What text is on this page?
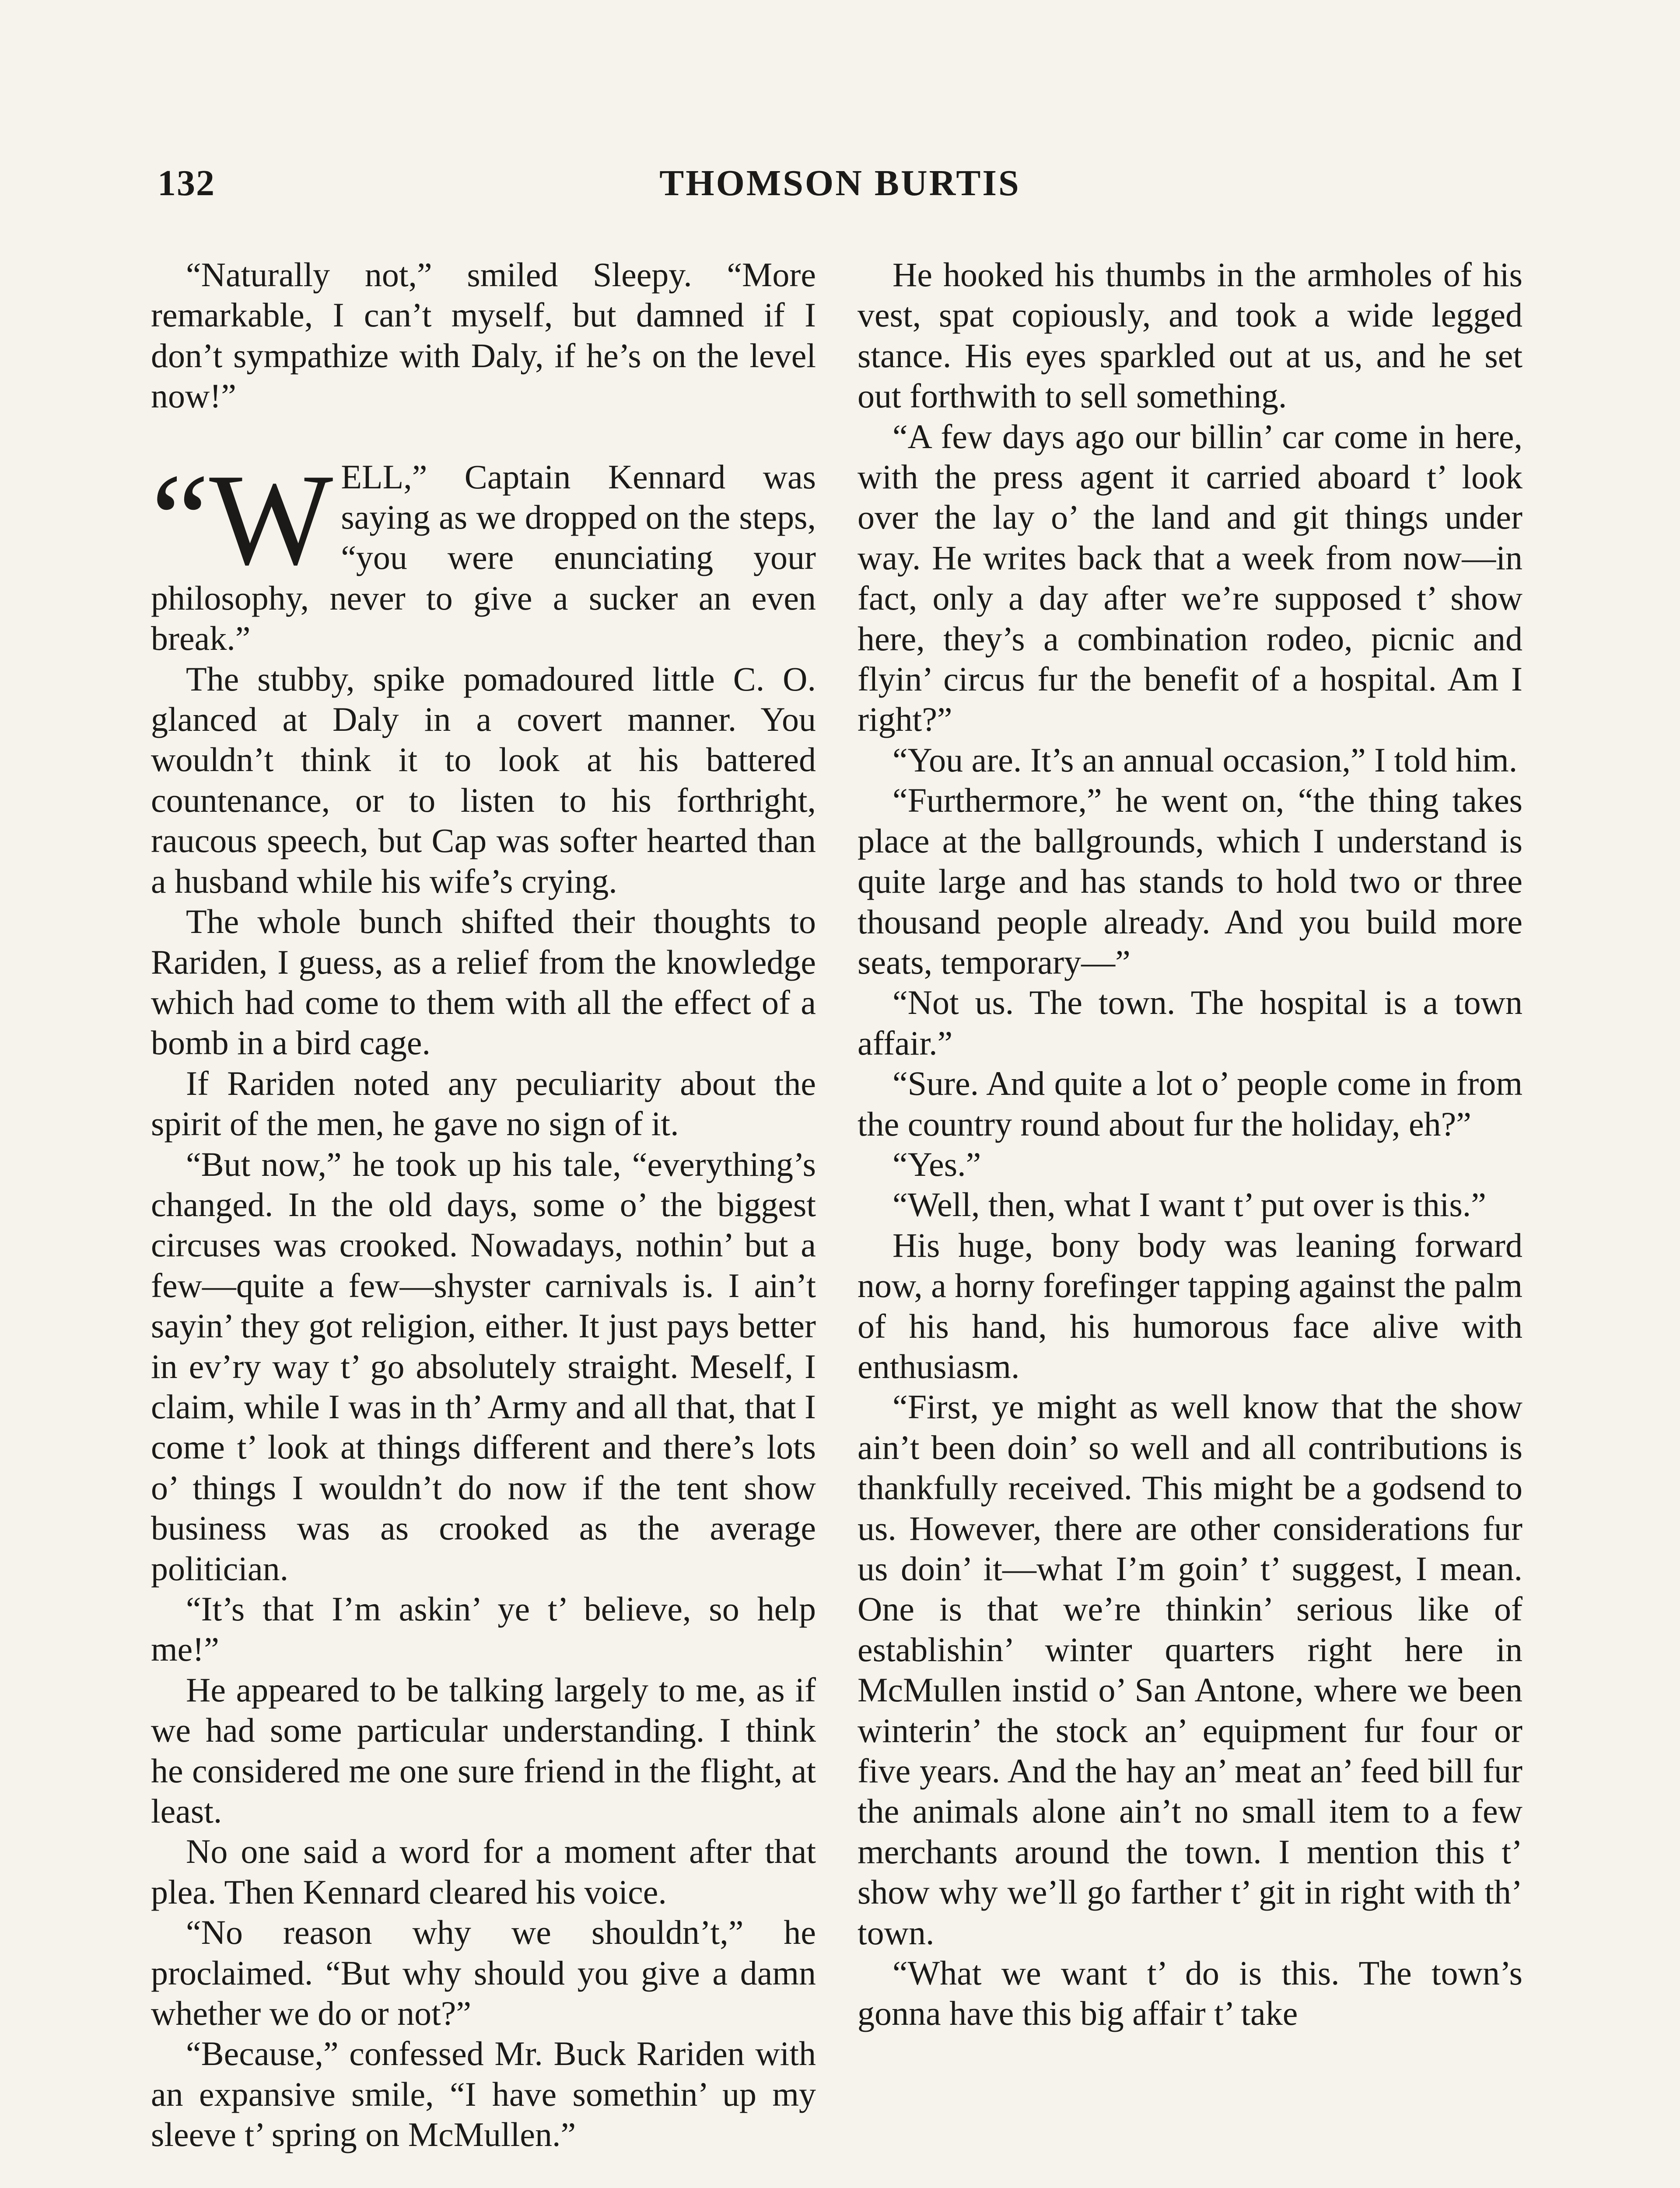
132	THOMSON BURTIS

“Naturally not,” smiled Sleepy. “More remarkable, I can’t myself, but damned if I don’t sympathize with Daly, if he’s on the level now!”

“W ELL,” Captain Kennard was saying as we dropped on the steps, “you were enunciating your philosophy, never to give a sucker an even break.”

The stubby, spike pomadoured little C. O. glanced at Daly in a covert manner. You wouldn’t think it to look at his battered countenance, or to listen to his forthright, raucous speech, but Cap was softer hearted than a husband while his wife’s crying.

The whole bunch shifted their thoughts to Rariden, I guess, as a relief from the knowledge which had come to them with all the effect of a bomb in a bird cage.

If Rariden noted any peculiarity about the spirit of the men, he gave no sign of it.

“But now,” he took up his tale, “everything’s changed. In the old days, some o’ the biggest circuses was crooked. Nowadays, nothin’ but a few—quite a few—shyster carnivals is. I ain’t sayin’ they got religion, either. It just pays better in ev’ry way t’ go absolutely straight. Meself, I claim, while I was in th’ Army and all that, that I come t’ look at things different and there’s lots o’ things I wouldn’t do now if the tent show business was as crooked as the average politician.

“It’s that I’m askin’ ye t’ believe, so help me!”

He appeared to be talking largely to me, as if we had some particular understanding. I think he considered me one sure friend in the flight, at least.

No one said a word for a moment after that plea. Then Kennard cleared his voice.

“No reason why we shouldn’t,” he proclaimed. “But why should you give a damn whether we do or not?”

“Because,” confessed Mr. Buck Rariden with an expansive smile, “I have somethin’ up my sleeve t’ spring on McMullen.”

He hooked his thumbs in the armholes of his vest, spat copiously, and took a wide legged stance. His eyes sparkled out at us, and he set out forthwith to sell something.

“A few days ago our billin’ car come in here, with the press agent it carried aboard t’ look over the lay o’ the land and git things under way. He writes back that a week from now—in fact, only a day after we’re supposed t’ show here, they’s a combination rodeo, picnic and flyin’ circus fur the benefit of a hospital. Am I right?”

“You are. It’s an annual occasion,” I told him.

“Furthermore,” he went on, “the thing takes place at the ballgrounds, which I understand is quite large and has stands to hold two or three thousand people already. And you build more seats, temporary—”

“Not us. The town. The hospital is a town affair.”

“Sure. And quite a lot o’ people come in from the country round about fur the holiday, eh?”

“Yes.”

“Well, then, what I want t’ put over is this.”

His huge, bony body was leaning forward now, a horny forefinger tapping against the palm of his hand, his humorous face alive with enthusiasm.

“First, ye might as well know that the show ain’t been doin’ so well and all contributions is thankfully received. This might be a godsend to us. However, there are other considerations fur us doin’ it—what I’m goin’ t’ suggest, I mean. One is that we’re thinkin’ serious like of establishin’ winter quarters right here in McMullen instid o’ San Antone, where we been winterin’ the stock an’ equipment fur four or five years. And the hay an’ meat an’ feed bill fur the animals alone ain’t no small item to a few merchants around the town. I mention this t’ show why we’ll go farther t’ git in right with th’ town.

“What we want t’ do is this. The town’s gonna have this big affair t’ take
